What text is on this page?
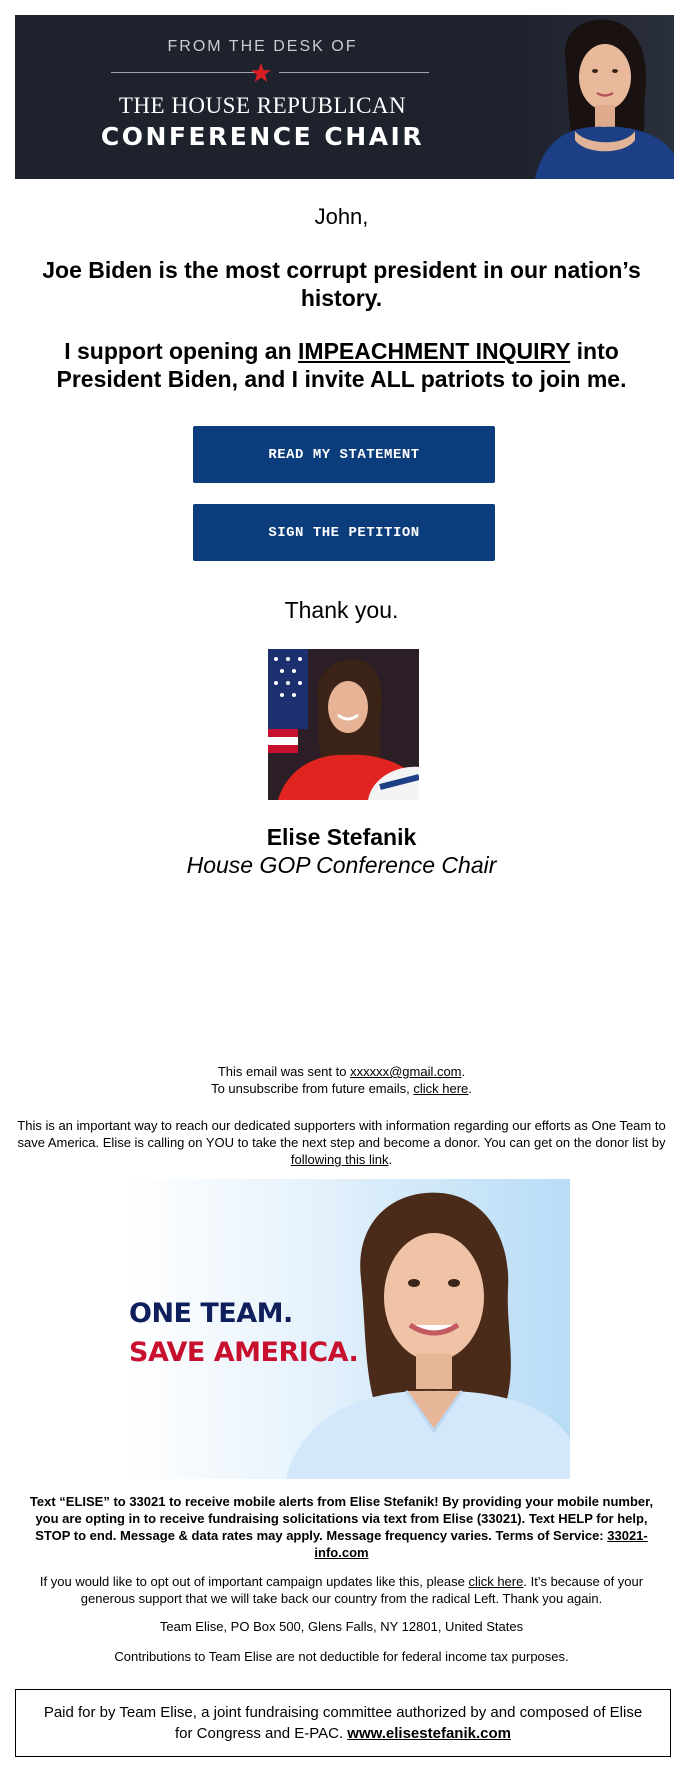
FROM THE DESK OF
THE HOUSE REPUBLICAN
CONFERENCE CHAIR
John,
Joe Biden is the most corrupt president in our nation’s history.
I support opening an IMPEACHMENT INQUIRY into President Biden, and I invite ALL patriots to join me.
READ MY STATEMENT
SIGN THE PETITION
Thank you.
Elise Stefanik
House GOP Conference Chair
This email was sent to xxxxxx@gmail.com.
To unsubscribe from future emails, click here.
This is an important way to reach our dedicated supporters with information regarding our efforts as One Team to save America. Elise is calling on YOU to take the next step and become a donor. You can get on the donor list by following this link.
ONE TEAM.
SAVE AMERICA.
Text “ELISE” to 33021 to receive mobile alerts from Elise Stefanik! By providing your mobile number, you are opting in to receive fundraising solicitations via text from Elise (33021). Text HELP for help, STOP to end. Message & data rates may apply. Message frequency varies. Terms of Service: 33021-info.com
If you would like to opt out of important campaign updates like this, please click here. It’s because of your generous support that we will take back our country from the radical Left. Thank you again.
Team Elise, PO Box 500, Glens Falls, NY 12801, United States
Contributions to Team Elise are not deductible for federal income tax purposes.
Paid for by Team Elise, a joint fundraising committee authorized by and composed of Elise for Congress and E-PAC. www.elisestefanik.com
